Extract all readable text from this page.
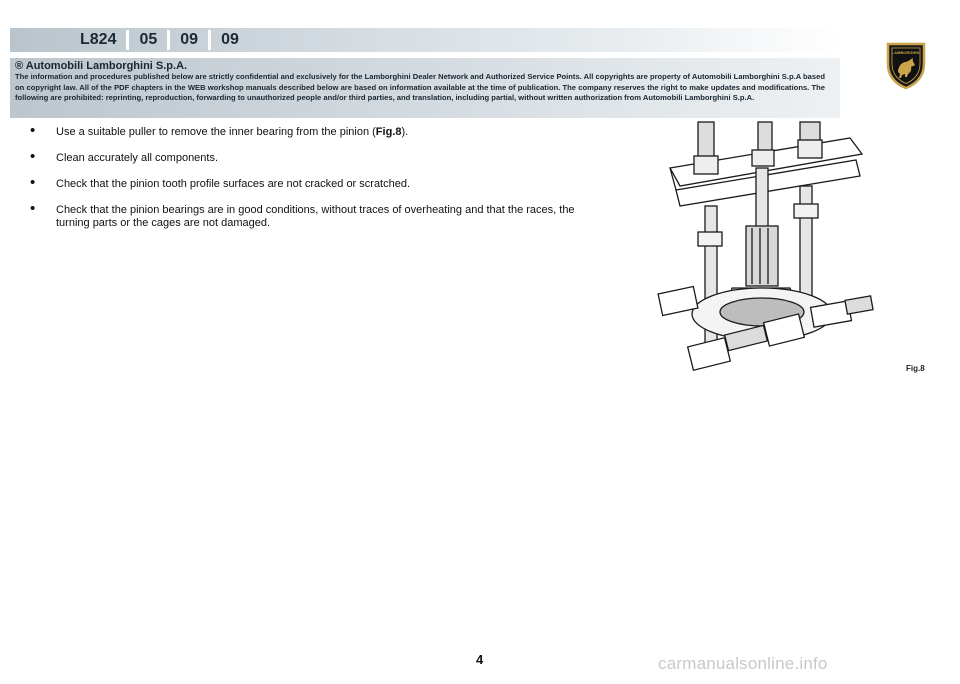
L824	05	09	09
® Automobili Lamborghini S.p.A.
The information and procedures published below are strictly confidential and exclusively for the Lamborghini Dealer Network and Authorized Service Points. All copyrights are property of Automobili Lamborghini S.p.A based on copyright law. All of the PDF chapters in the WEB workshop manuals described below are based on information available at the time of publication. The company reserves the right to make updates and modifications. The following are prohibited: reprinting, reproduction, forwarding to unauthorized people and/or third parties, and translation, including partial, without written authorization from Automobili Lamborghini S.p.A.
LAMBORGHINI
• Use a suitable puller to remove the inner bearing from the pinion (Fig.8).
• Clean accurately all components.
• Check that the pinion tooth profile surfaces are not cracked or scratched.
• Check that the pinion bearings are in good conditions, without traces of overheating and that the races, the turning parts or the cages are not damaged.
Fig.8
4	carmanualsonline.info
